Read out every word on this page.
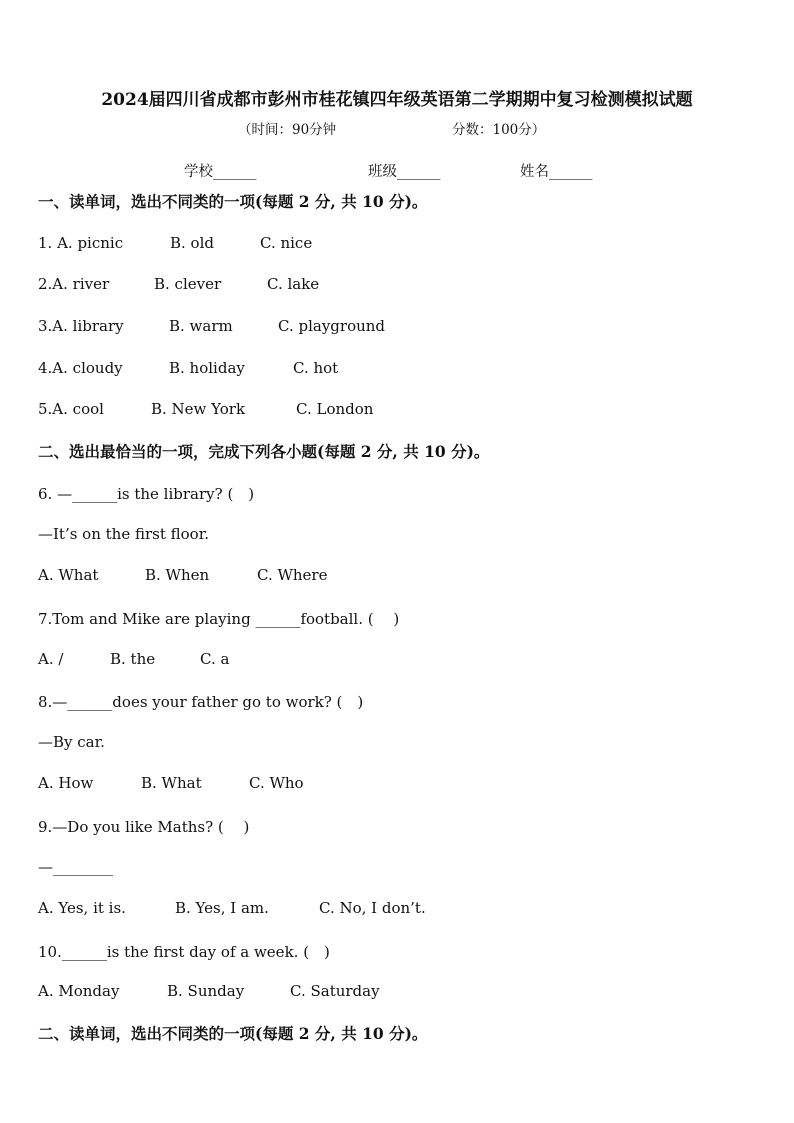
2024届四川省成都市彭州市桂花镇四年级英语第二学期期中复习检测模拟试题
（时间：90分钟	分数：100分）
学校______	班级______	姓名______
一、读单词，选出不同类的一项(每题 2 分, 共 10 分)。
1. A. picnic	B. old	C. nice
2.A. river	B. clever	C. lake
3.A. library	B. warm	C. playground
4.A. cloudy	B. holiday	C. hot
5.A. cool	B. New York	C. London
二、选出最恰当的一项，完成下列各小题(每题 2 分, 共 10 分)。
6. —______is the library? (　)
—It’s on the first floor.
A. What	B. When	C. Where
7.Tom and Mike are playing ______football. (　 )
A. /	B. the	C. a
8.—______does your father go to work? (　)
—By car.
A. How	B. What	C. Who
9.—Do you like Maths? (　 )
—________
A. Yes, it is.	B. Yes, I am.	C. No, I don’t.
10.______is the first day of a week. (　)
A. Monday	B. Sunday	C. Saturday
二、读单词，选出不同类的一项(每题 2 分, 共 10 分)。
